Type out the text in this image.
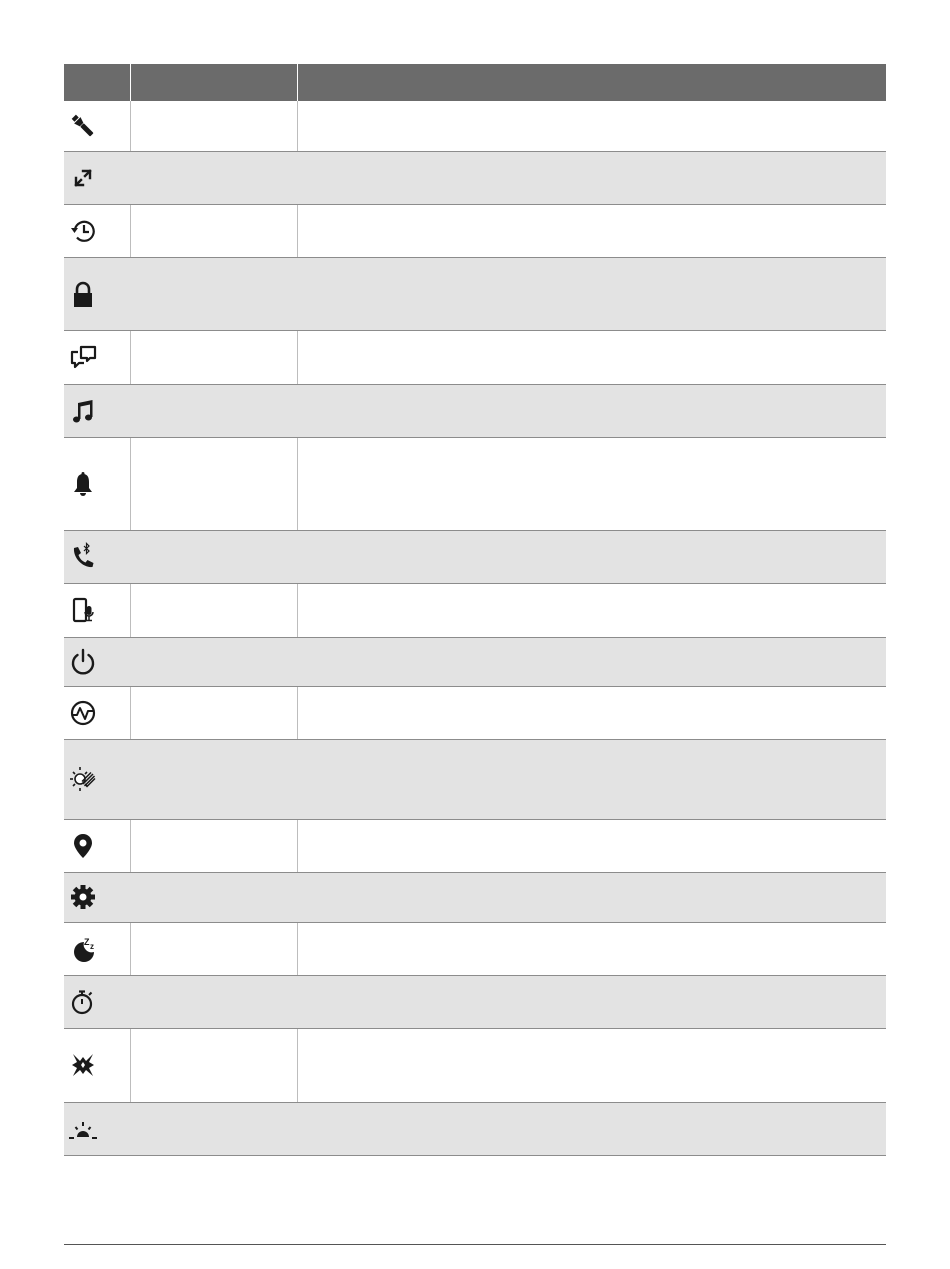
Z z		
